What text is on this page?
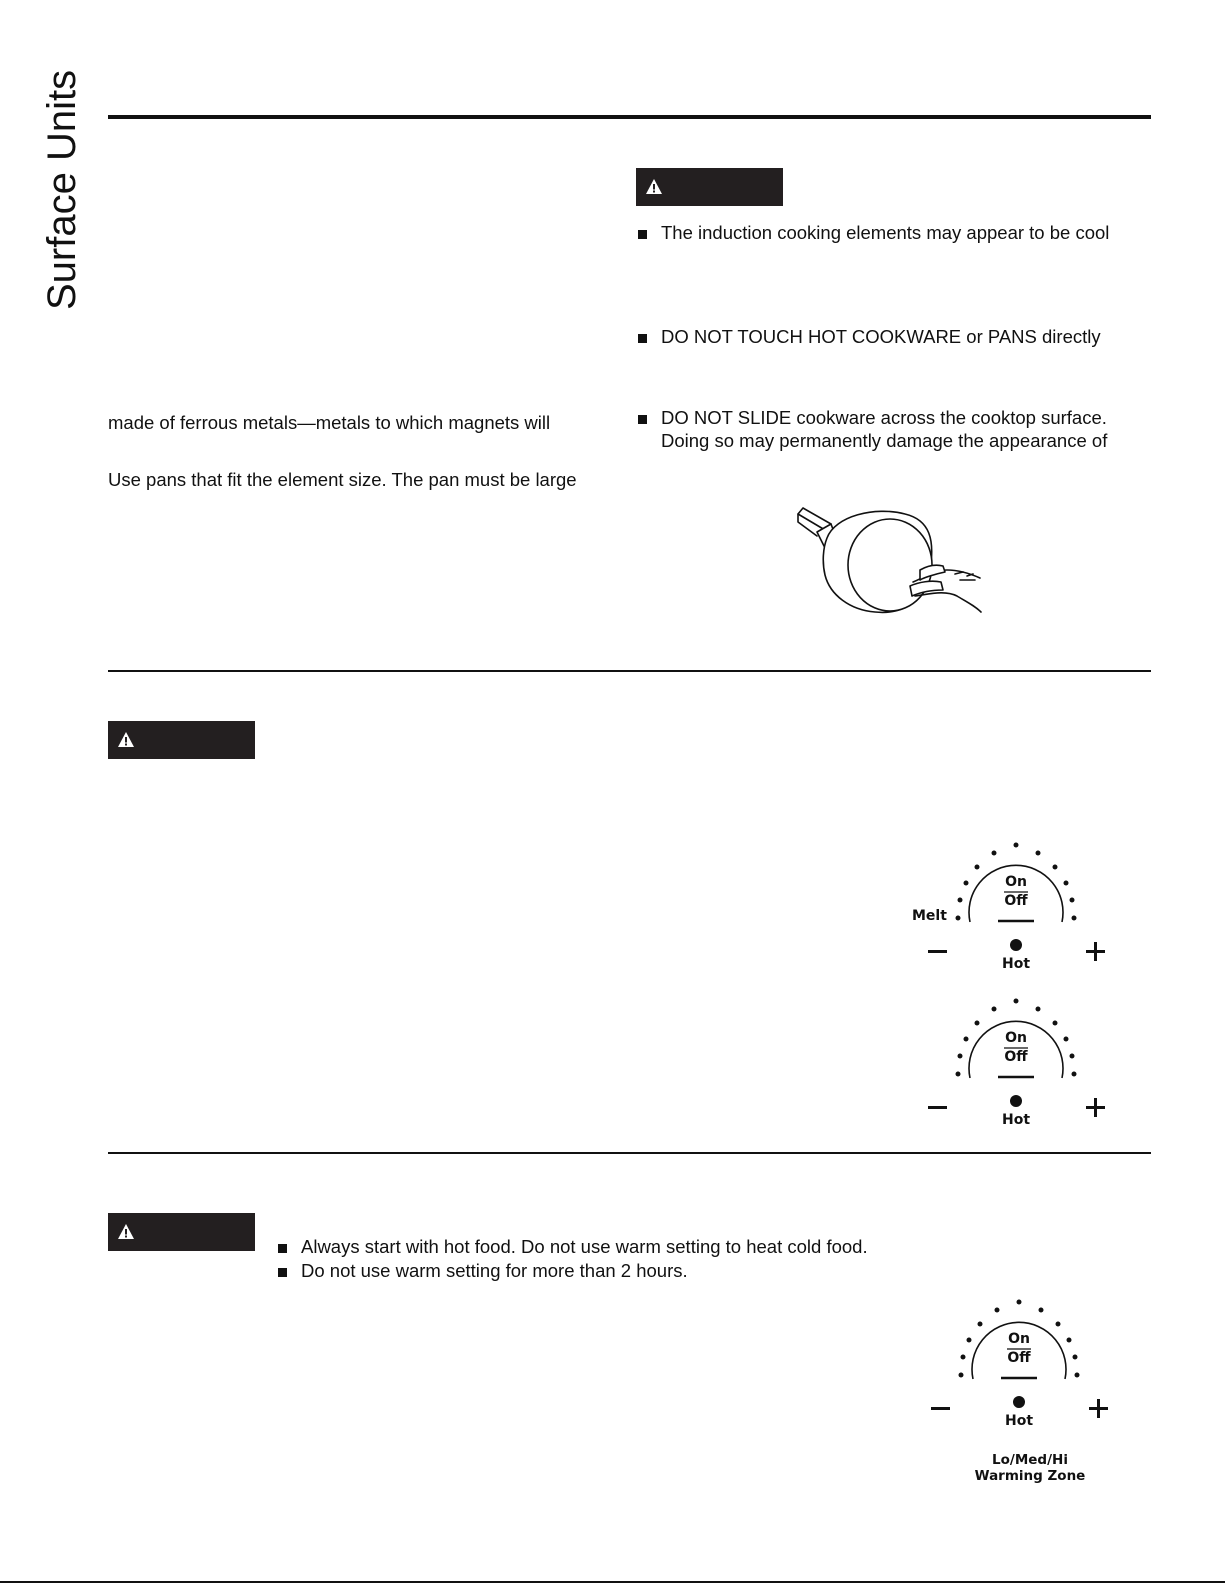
Surface Units
made of ferrous metals—metals to which magnets will
Use pans that fit the element size. The pan must be large
The induction cooking elements may appear to be cool
DO NOT TOUCH HOT COOKWARE or PANS directly
DO NOT SLIDE cookware across the cooktop surface.
Doing so may permanently damage the appearance of
On
Off
Hot
Melt
On
Off
Hot
Always start with hot food. Do not use warm setting to heat cold food.
Do not use warm setting for more than 2 hours.
On
Off
Hot
Lo/Med/Hi
Warming Zone
